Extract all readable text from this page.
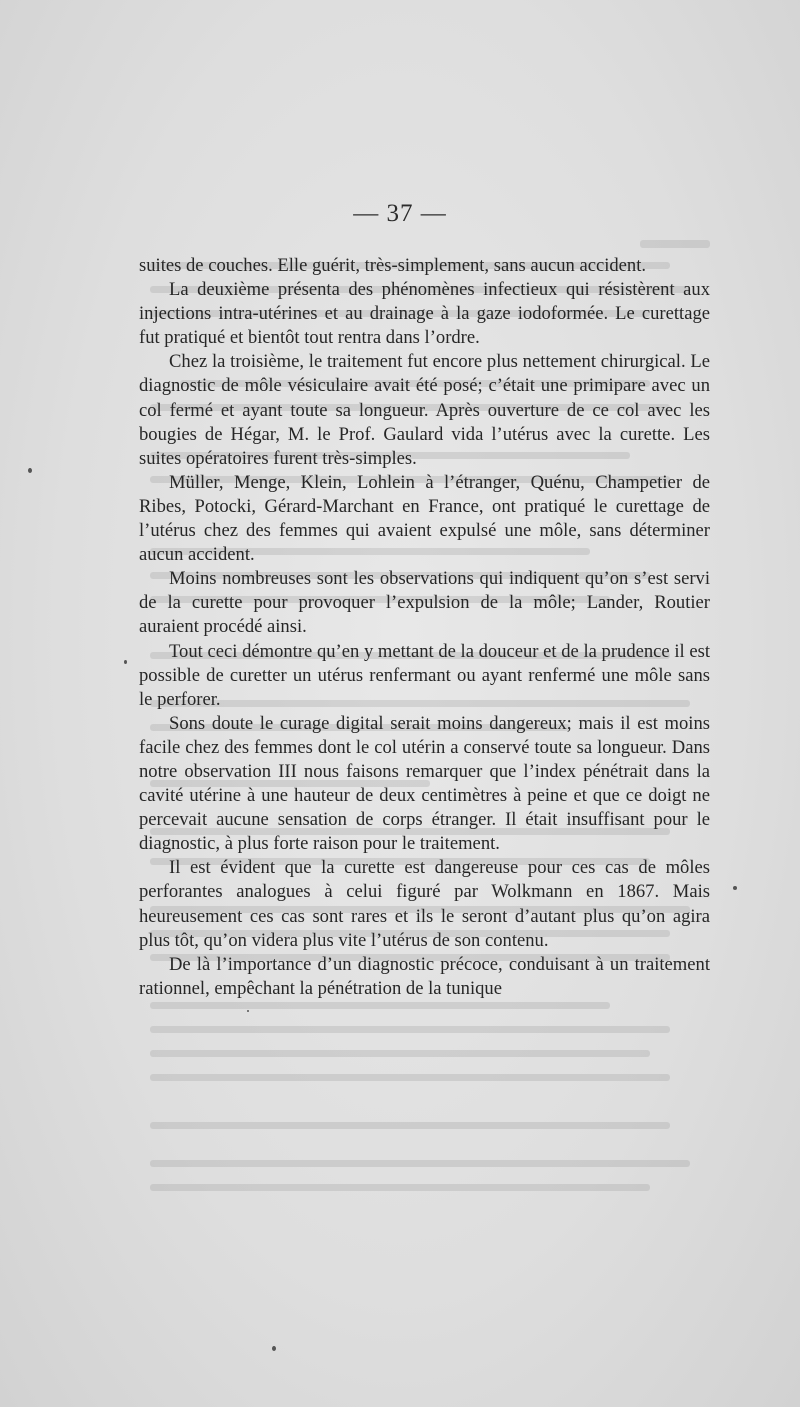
— 37 —

suites de couches. Elle guérit, très-simplement, sans aucun accident.

La deuxième présenta des phénomènes infectieux qui résistèrent aux injections intra-utérines et au drainage à la gaze iodoformée. Le curettage fut pratiqué et bientôt tout rentra dans l’ordre.

Chez la troisième, le traitement fut encore plus nettement chirurgical. Le diagnostic de môle vésiculaire avait été posé; c’était une primipare avec un col fermé et ayant toute sa longueur. Après ouverture de ce col avec les bougies de Hégar, M. le Prof. Gaulard vida l’utérus avec la curette. Les suites opératoires furent très-simples.

Müller, Menge, Klein, Lohlein à l’étranger, Quénu, Champetier de Ribes, Potocki, Gérard-Marchant en France, ont pratiqué le curettage de l’utérus chez des femmes qui avaient expulsé une môle, sans déterminer aucun accident.

Moins nombreuses sont les observations qui indiquent qu’on s’est servi de la curette pour provoquer l’expulsion de la môle; Lander, Routier auraient procédé ainsi.

Tout ceci démontre qu’en y mettant de la douceur et de la prudence il est possible de curetter un utérus renfermant ou ayant renfermé une môle sans le perforer.

Sons doute le curage digital serait moins dangereux; mais il est moins facile chez des femmes dont le col utérin a conservé toute sa longueur. Dans notre observation III nous faisons remarquer que l’index pénétrait dans la cavité utérine à une hauteur de deux centimètres à peine et que ce doigt ne percevait aucune sensation de corps étranger. Il était insuffisant pour le diagnostic, à plus forte raison pour le traitement.

Il est évident que la curette est dangereuse pour ces cas de môles perforantes analogues à celui figuré par Wolkmann en 1867. Mais heureusement ces cas sont rares et ils le seront d’autant plus qu’on agira plus tôt, qu’on videra plus vite l’utérus de son contenu.

De là l’importance d’un diagnostic précoce, conduisant à un traitement rationnel, empêchant la pénétration de la tunique
